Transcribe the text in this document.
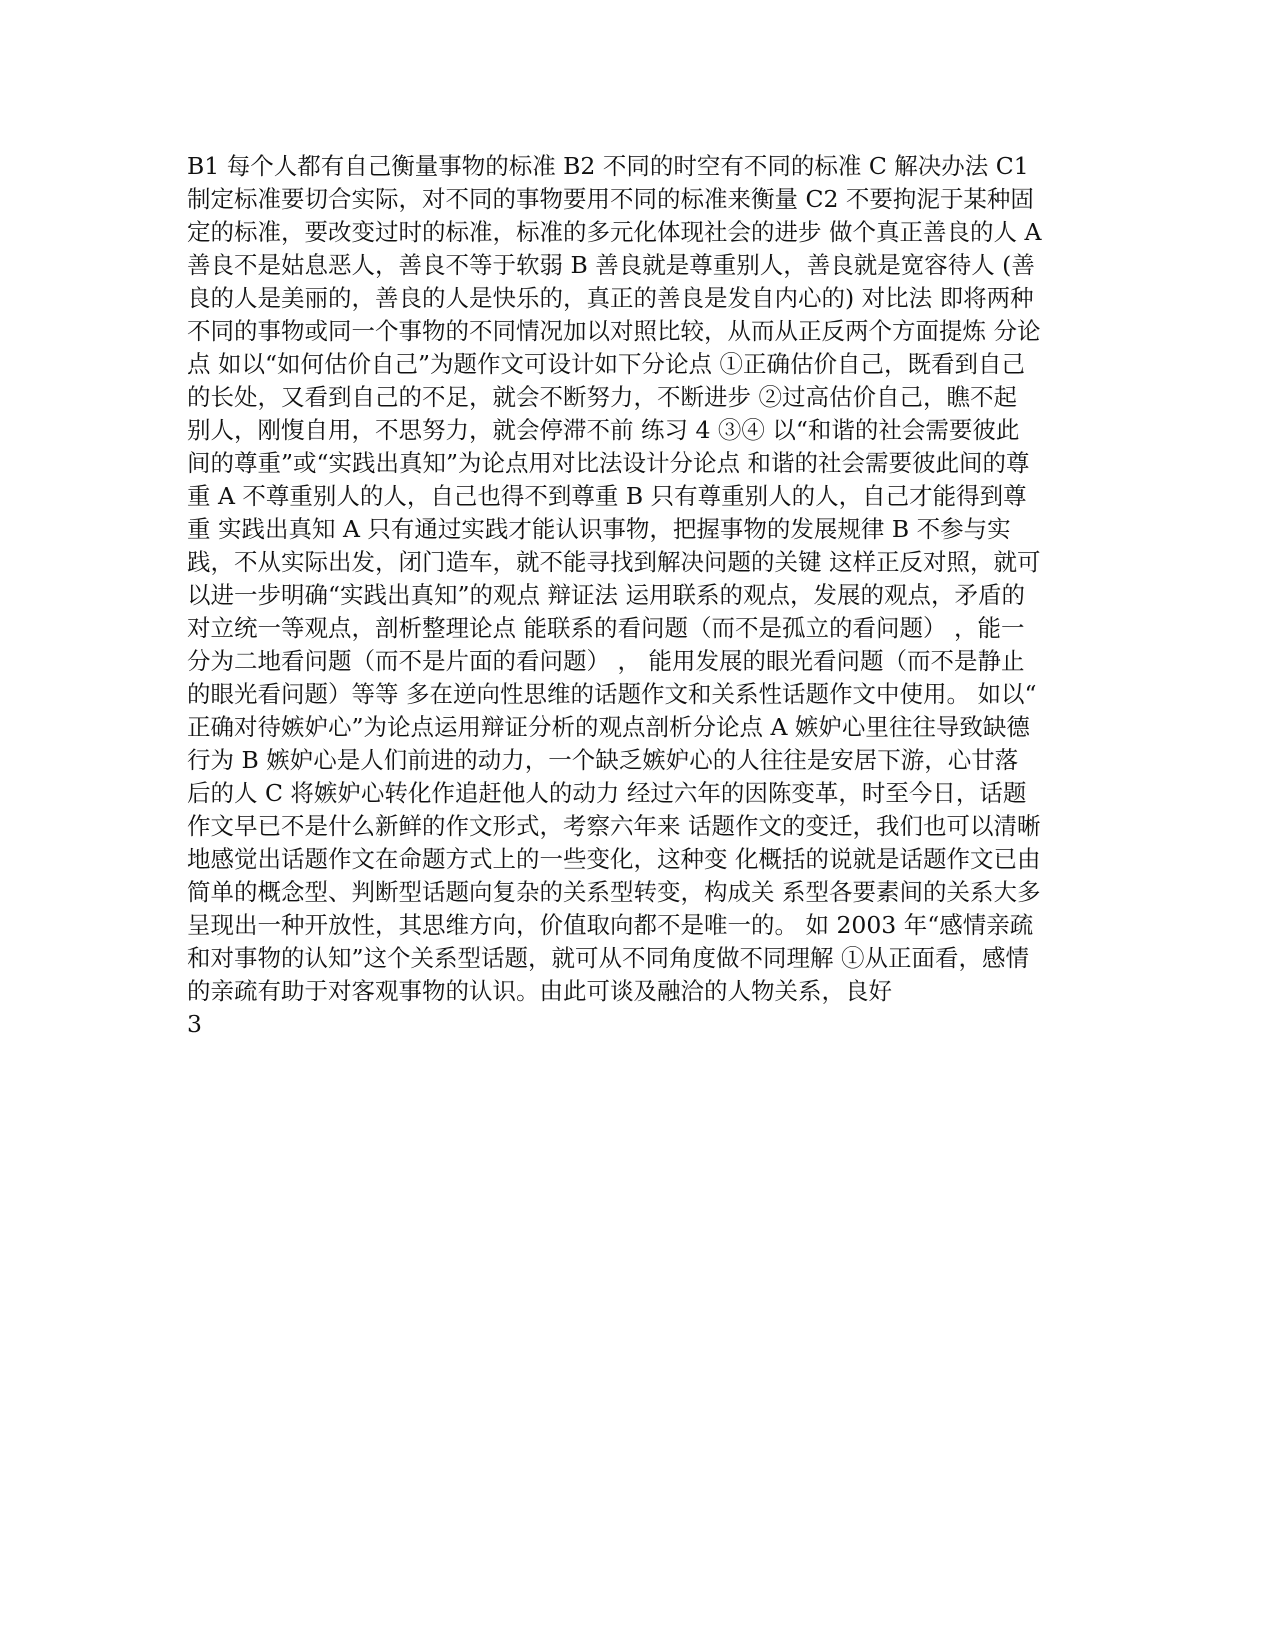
B1 每个人都有自己衡量事物的标准 B2 不同的时空有不同的标准 C 解决办法 C1
制定标准要切合实际，对不同的事物要用不同的标准来衡量 C2 不要拘泥于某种固
定的标准，要改变过时的标准，标准的多元化体现社会的进步 做个真正善良的人 A
善良不是姑息恶人，善良不等于软弱 B 善良就是尊重别人，善良就是宽容待人 (善
良的人是美丽的，善良的人是快乐的，真正的善良是发自内心的) 对比法 即将两种
不同的事物或同一个事物的不同情况加以对照比较，从而从正反两个方面提炼 分论
点 如以“如何估价自己”为题作文可设计如下分论点 ①正确估价自己，既看到自己
的长处，又看到自己的不足，就会不断努力，不断进步 ②过高估价自己，瞧不起
别人，刚愎自用，不思努力，就会停滞不前 练习 4 ③④ 以“和谐的社会需要彼此
间的尊重”或“实践出真知”为论点用对比法设计分论点 和谐的社会需要彼此间的尊
重 A 不尊重别人的人，自己也得不到尊重 B 只有尊重别人的人，自己才能得到尊
重 实践出真知 A 只有通过实践才能认识事物，把握事物的发展规律 B 不参与实
践，不从实际出发，闭门造车，就不能寻找到解决问题的关键 这样正反对照，就可
以进一步明确“实践出真知”的观点 辩证法 运用联系的观点，发展的观点，矛盾的
对立统一等观点，剖析整理论点 能联系的看问题（而不是孤立的看问题） ，能一
分为二地看问题（而不是片面的看问题） ， 能用发展的眼光看问题（而不是静止
的眼光看问题）等等 多在逆向性思维的话题作文和关系性话题作文中使用。 如以“
正确对待嫉妒心”为论点运用辩证分析的观点剖析分论点 A 嫉妒心里往往导致缺德
行为 B 嫉妒心是人们前进的动力，一个缺乏嫉妒心的人往往是安居下游，心甘落
后的人 C 将嫉妒心转化作追赶他人的动力 经过六年的因陈变革，时至今日，话题
作文早已不是什么新鲜的作文形式，考察六年来 话题作文的变迁，我们也可以清晰
地感觉出话题作文在命题方式上的一些变化，这种变 化概括的说就是话题作文已由
简单的概念型、判断型话题向复杂的关系型转变，构成关 系型各要素间的关系大多
呈现出一种开放性，其思维方向，价值取向都不是唯一的。 如 2003 年“感情亲疏
和对事物的认知”这个关系型话题，就可从不同角度做不同理解 ①从正面看，感情
的亲疏有助于对客观事物的认识。由此可谈及融洽的人物关系，良好
3
